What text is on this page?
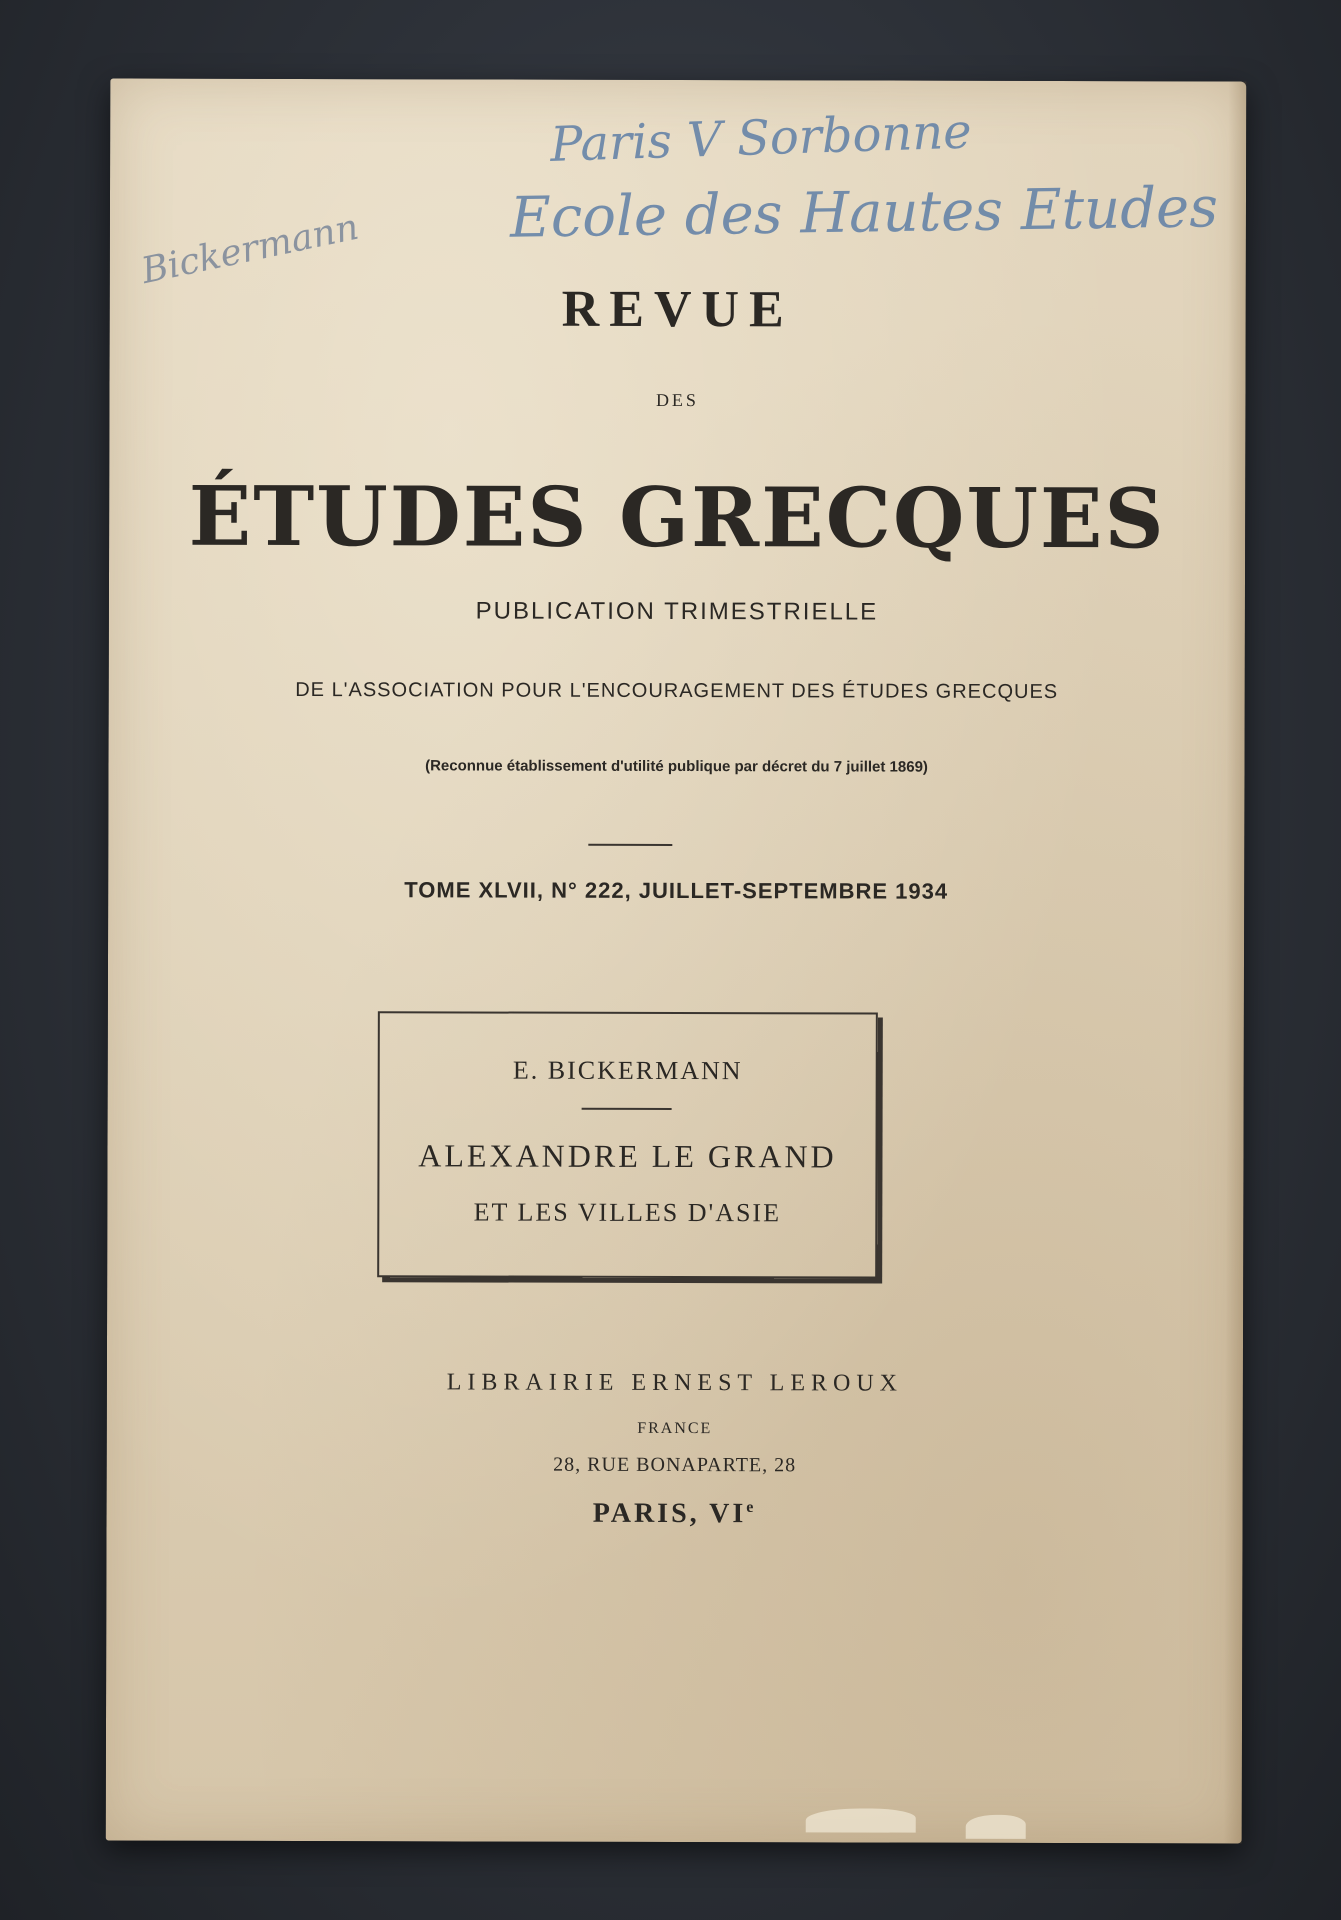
Paris V Sorbonne
Ecole des Hautes Etudes
Bickermann
REVUE
DES
ÉTUDES GRECQUES
PUBLICATION TRIMESTRIELLE
DE L'ASSOCIATION POUR L'ENCOURAGEMENT DES ÉTUDES GRECQUES
(Reconnue établissement d'utilité publique par décret du 7 juillet 1869)
TOME XLVII, N° 222, JUILLET-SEPTEMBRE 1934
E. BICKERMANN
ALEXANDRE LE GRAND
ET LES VILLES D'ASIE
LIBRAIRIE ERNEST LEROUX
FRANCE
28, RUE BONAPARTE, 28
PARIS, VIe
